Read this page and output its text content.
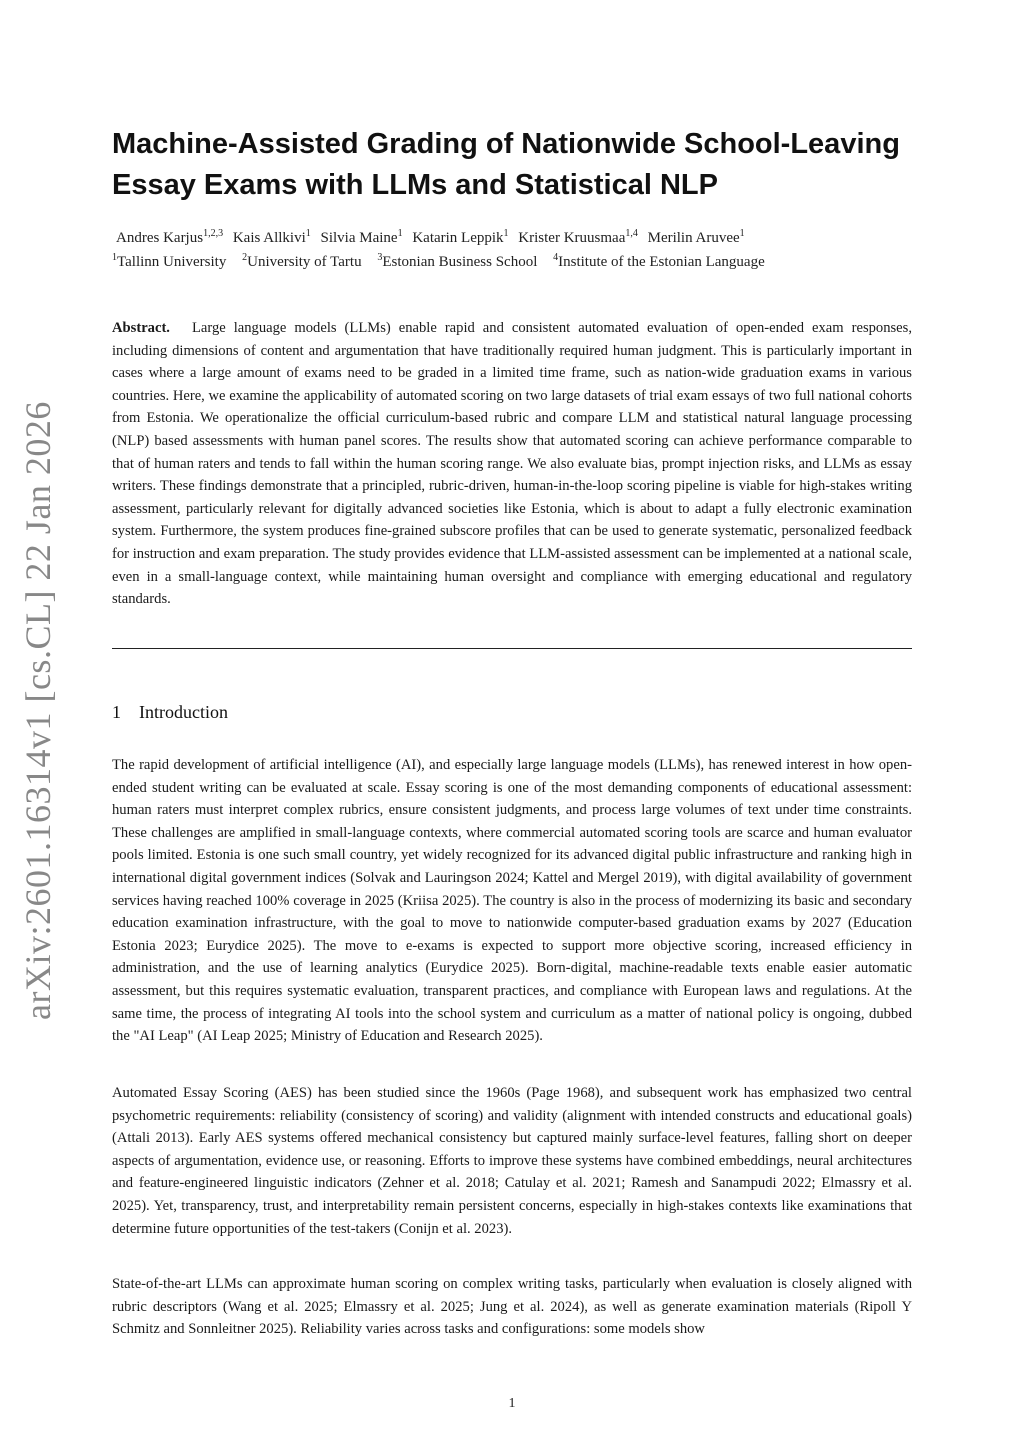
arXiv:2601.16314v1 [cs.CL] 22 Jan 2026
Machine-Assisted Grading of Nationwide School-Leaving Essay Exams with LLMs and Statistical NLP
Andres Karjus$^{1,2,3}$ Kais Allkivi$^1$ Silvia Maine$^1$ Katarin Leppik$^1$ Krister Kruusmaa$^{1,4}$ Merilin Aruvee$^1$
$^1$Tallinn University $^2$University of Tartu $^3$Estonian Business School $^4$Institute of the Estonian Language
Abstract. Large language models (LLMs) enable rapid and consistent automated evaluation of open-ended exam responses, including dimensions of content and argumentation that have traditionally required human judgment. This is particularly important in cases where a large amount of exams need to be graded in a limited time frame, such as nation-wide graduation exams in various countries. Here, we examine the applicability of automated scoring on two large datasets of trial exam essays of two full national cohorts from Estonia. We operationalize the official curriculum-based rubric and compare LLM and statistical natural language processing (NLP) based assessments with human panel scores. The results show that automated scoring can achieve performance comparable to that of human raters and tends to fall within the human scoring range. We also evaluate bias, prompt injection risks, and LLMs as essay writers. These findings demonstrate that a principled, rubric-driven, human-in-the-loop scoring pipeline is viable for high-stakes writing assessment, particularly relevant for digitally advanced societies like Estonia, which is about to adapt a fully electronic examination system. Furthermore, the system produces fine-grained subscore profiles that can be used to generate systematic, personalized feedback for instruction and exam preparation. The study provides evidence that LLM-assisted assessment can be implemented at a national scale, even in a small-language context, while maintaining human oversight and compliance with emerging educational and regulatory standards.
1 Introduction

The rapid development of artificial intelligence (AI), and especially large language models (LLMs), has renewed interest in how open-ended student writing can be evaluated at scale. Essay scoring is one of the most demanding components of educational assessment: human raters must interpret complex rubrics, ensure consistent judgments, and process large volumes of text under time constraints. These challenges are amplified in small-language contexts, where commercial automated scoring tools are scarce and human evaluator pools limited. Estonia is one such small country, yet widely recognized for its advanced digital public infrastructure and ranking high in international digital government indices (Solvak and Lauringson 2024; Kattel and Mergel 2019), with digital availability of government services having reached 100% coverage in 2025 (Kriisa 2025). The country is also in the process of modernizing its basic and secondary education examination infrastructure, with the goal to move to nationwide computer-based graduation exams by 2027 (Education Estonia 2023; Eurydice 2025). The move to e-exams is expected to support more objective scoring, increased efficiency in administration, and the use of learning analytics (Eurydice 2025). Born-digital, machine-readable texts enable easier automatic assessment, but this requires systematic evaluation, transparent practices, and compliance with European laws and regulations. At the same time, the process of integrating AI tools into the school system and curriculum as a matter of national policy is ongoing, dubbed the "AI Leap" (AI Leap 2025; Ministry of Education and Research 2025).

Automated Essay Scoring (AES) has been studied since the 1960s (Page 1968), and subsequent work has emphasized two central psychometric requirements: reliability (consistency of scoring) and validity (alignment with intended constructs and educational goals) (Attali 2013). Early AES systems offered mechanical consistency but captured mainly surface-level features, falling short on deeper aspects of argumentation, evidence use, or reasoning. Efforts to improve these systems have combined embeddings, neural architectures and feature-engineered linguistic indicators (Zehner et al. 2018; Catulay et al. 2021; Ramesh and Sanampudi 2022; Elmassry et al. 2025). Yet, transparency, trust, and interpretability remain persistent concerns, especially in high-stakes contexts like examinations that determine future opportunities of the test-takers (Conijn et al. 2023).

State-of-the-art LLMs can approximate human scoring on complex writing tasks, particularly when evaluation is closely aligned with rubric descriptors (Wang et al. 2025; Elmassry et al. 2025; Jung et al. 2024), as well as generate examination materials (Ripoll Y Schmitz and Sonnleitner 2025). Reliability varies across tasks and configurations: some models show

1
